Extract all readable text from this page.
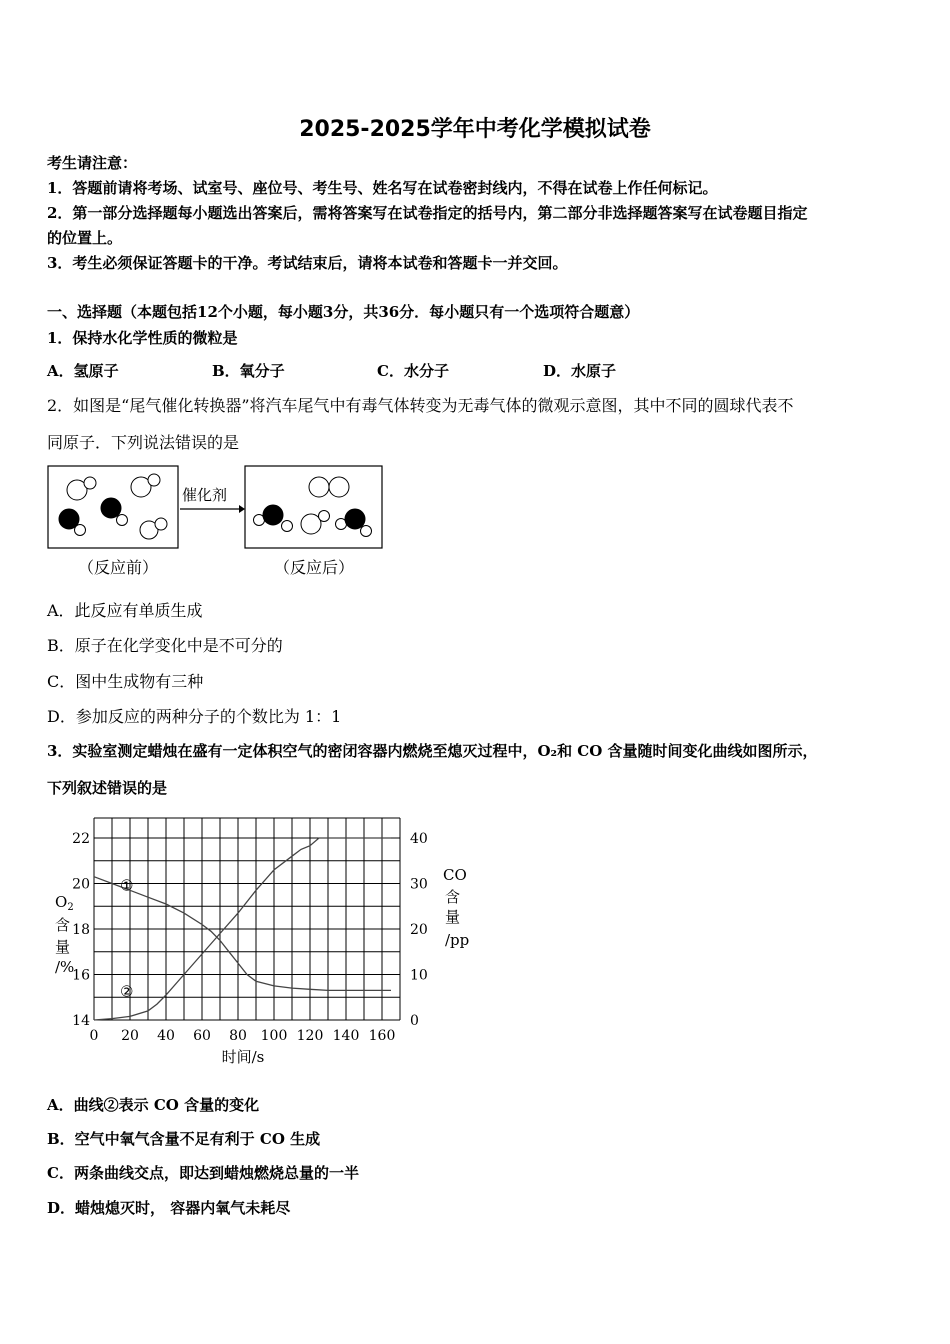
2025-2025学年中考化学模拟试卷
考生请注意：
1．答题前请将考场、试室号、座位号、考生号、姓名写在试卷密封线内，不得在试卷上作任何标记。
2．第一部分选择题每小题选出答案后，需将答案写在试卷指定的括号内，第二部分非选择题答案写在试卷题目指定
的位置上。
3．考生必须保证答题卡的干净。考试结束后，请将本试卷和答题卡一并交回。
一、选择题（本题包括12个小题，每小题3分，共36分．每小题只有一个选项符合题意）
1．保持水化学性质的微粒是
A．氢原子	B．氧分子	C．水分子	D．水原子
2．如图是“尾气催化转换器”将汽车尾气中有毒气体转变为无毒气体的微观示意图，其中不同的圆球代表不
同原子．下列说法错误的是
催化剂
（反应前）	（反应后）
A．此反应有单质生成
B．原子在化学变化中是不可分的
C．图中生成物有三种
D．参加反应的两种分子的个数比为 1：1
3．实验室测定蜡烛在盛有一定体积空气的密闭容器内燃烧至熄灭过程中，O₂和 CO 含量随时间变化曲线如图所示，
下列叙述错误的是
0 20 40 60 80 100 120 140 160
14
16
18
20
22
0
10
20
30
40
①
②
$O_2$
含
量
/%
CO
含
量
/pp
时间/s
A．曲线②表示 CO 含量的变化
B．空气中氧气含量不足有利于 CO 生成
C．两条曲线交点，即达到蜡烛燃烧总量的一半
D．蜡烛熄灭时， 容器内氧气未耗尽
